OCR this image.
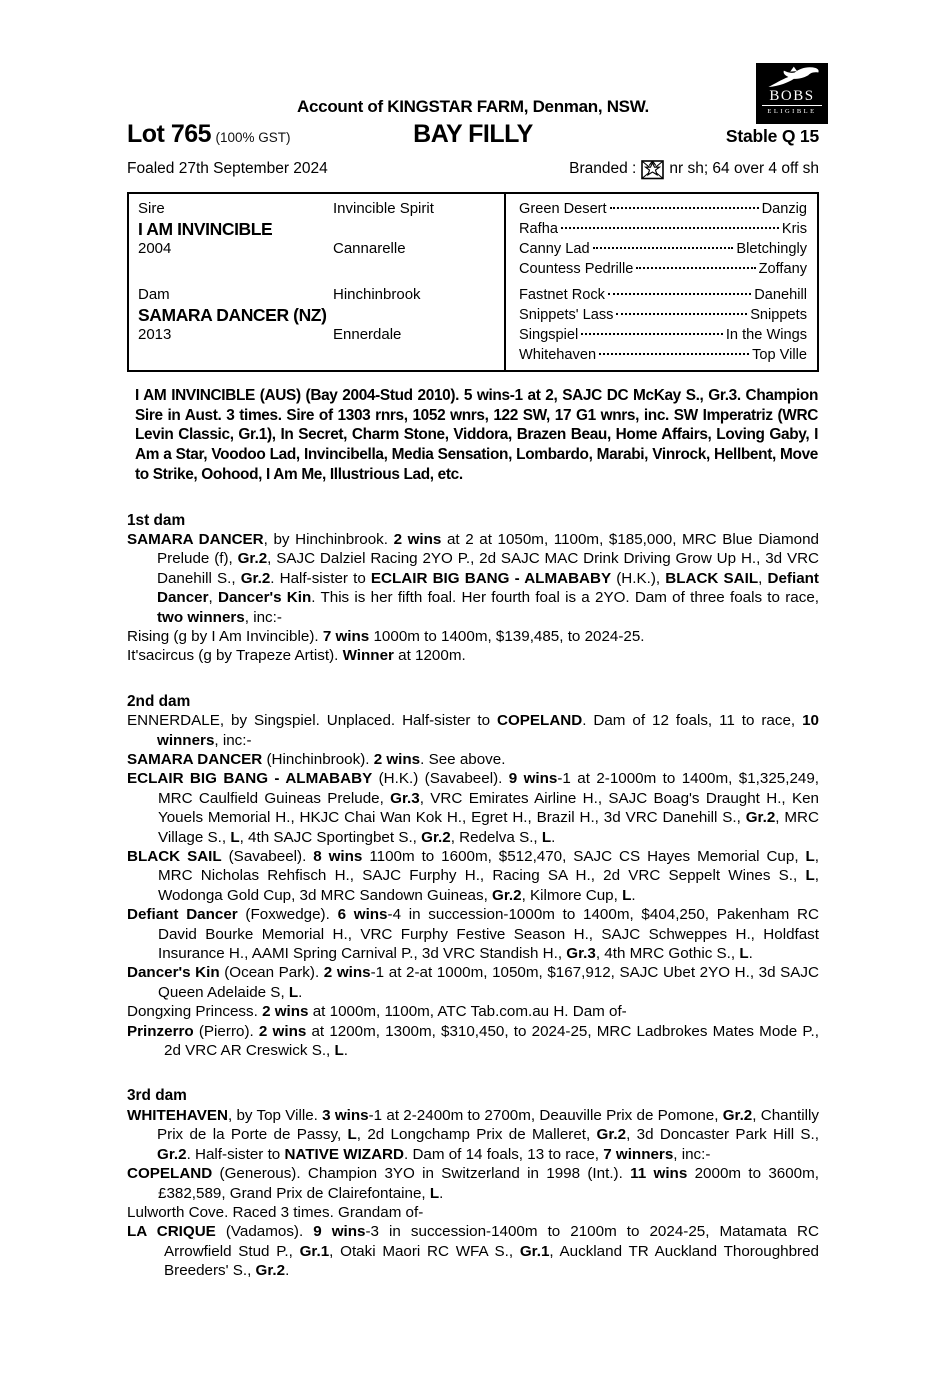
BOBS
ELIGIBLE
Account of KINGSTAR FARM, Denman, NSW.
Lot 765 (100% GST)	BAY FILLY	Stable Q 15
Foaled 27th September 2024	Branded : nr sh; 64 over 4 off sh
Sire	Invincible Spirit
I AM INVINCIBLE
2004	Cannarelle
Dam	Hinchinbrook
SAMARA DANCER (NZ)
2013	Ennerdale
Green Desert	Danzig
Rafha	Kris
Canny Lad	Bletchingly
Countess Pedrille	Zoffany
Fastnet Rock	Danehill
Snippets' Lass	Snippets
Singspiel	In the Wings
Whitehaven	Top Ville

I AM INVINCIBLE (AUS) (Bay 2004-Stud 2010). 5 wins-1 at 2, SAJC DC McKay S., Gr.3. Champion Sire in Aust. 3 times. Sire of 1303 rnrs, 1052 wnrs, 122 SW, 17 G1 wnrs, inc. SW Imperatriz (WRC Levin Classic, Gr.1), In Secret, Charm Stone, Viddora, Brazen Beau, Home Affairs, Loving Gaby, I Am a Star, Voodoo Lad, Invincibella, Media Sensation, Lombardo, Marabi, Vinrock, Hellbent, Move to Strike, Oohood, I Am Me, Illustrious Lad, etc.

1st dam

SAMARA DANCER, by Hinchinbrook. 2 wins at 2 at 1050m, 1100m, $185,000, MRC Blue Diamond Prelude (f), Gr.2, SAJC Dalziel Racing 2YO P., 2d SAJC MAC Drink Driving Grow Up H., 3d VRC Danehill S., Gr.2. Half-sister to ECLAIR BIG BANG - ALMABABY (H.K.), BLACK SAIL, Defiant Dancer, Dancer's Kin. This is her fifth foal. Her fourth foal is a 2YO. Dam of three foals to race, two winners, inc:-

Rising (g by I Am Invincible). 7 wins 1000m to 1400m, $139,485, to 2024-25.

It'sacircus (g by Trapeze Artist). Winner at 1200m.

2nd dam

ENNERDALE, by Singspiel. Unplaced. Half-sister to COPELAND. Dam of 12 foals, 11 to race, 10 winners, inc:-

SAMARA DANCER (Hinchinbrook). 2 wins. See above.

ECLAIR BIG BANG - ALMABABY (H.K.) (Savabeel). 9 wins-1 at 2-1000m to 1400m, $1,325,249, MRC Caulfield Guineas Prelude, Gr.3, VRC Emirates Airline H., SAJC Boag's Draught H., Ken Youels Memorial H., HKJC Chai Wan Kok H., Egret H., Brazil H., 3d VRC Danehill S., Gr.2, MRC Village S., L, 4th SAJC Sportingbet S., Gr.2, Redelva S., L.

BLACK SAIL (Savabeel). 8 wins 1100m to 1600m, $512,470, SAJC CS Hayes Memorial Cup, L, MRC Nicholas Rehfisch H., SAJC Furphy H., Racing SA H., 2d VRC Seppelt Wines S., L, Wodonga Gold Cup, 3d MRC Sandown Guineas, Gr.2, Kilmore Cup, L.

Defiant Dancer (Foxwedge). 6 wins-4 in succession-1000m to 1400m, $404,250, Pakenham RC David Bourke Memorial H., VRC Furphy Festive Season H., SAJC Schweppes H., Holdfast Insurance H., AAMI Spring Carnival P., 3d VRC Standish H., Gr.3, 4th MRC Gothic S., L.

Dancer's Kin (Ocean Park). 2 wins-1 at 2-at 1000m, 1050m, $167,912, SAJC Ubet 2YO H., 3d SAJC Queen Adelaide S, L.

Dongxing Princess. 2 wins at 1000m, 1100m, ATC Tab.com.au H. Dam of-

Prinzerro (Pierro). 2 wins at 1200m, 1300m, $310,450, to 2024-25, MRC Ladbrokes Mates Mode P., 2d VRC AR Creswick S., L.

3rd dam

WHITEHAVEN, by Top Ville. 3 wins-1 at 2-2400m to 2700m, Deauville Prix de Pomone, Gr.2, Chantilly Prix de la Porte de Passy, L, 2d Longchamp Prix de Malleret, Gr.2, 3d Doncaster Park Hill S., Gr.2. Half-sister to NATIVE WIZARD. Dam of 14 foals, 13 to race, 7 winners, inc:-

COPELAND (Generous). Champion 3YO in Switzerland in 1998 (Int.). 11 wins 2000m to 3600m, £382,589, Grand Prix de Clairefontaine, L.

Lulworth Cove. Raced 3 times. Grandam of-

LA CRIQUE (Vadamos). 9 wins-3 in succession-1400m to 2100m to 2024-25, Matamata RC Arrowfield Stud P., Gr.1, Otaki Maori RC WFA S., Gr.1, Auckland TR Auckland Thoroughbred Breeders' S., Gr.2.
